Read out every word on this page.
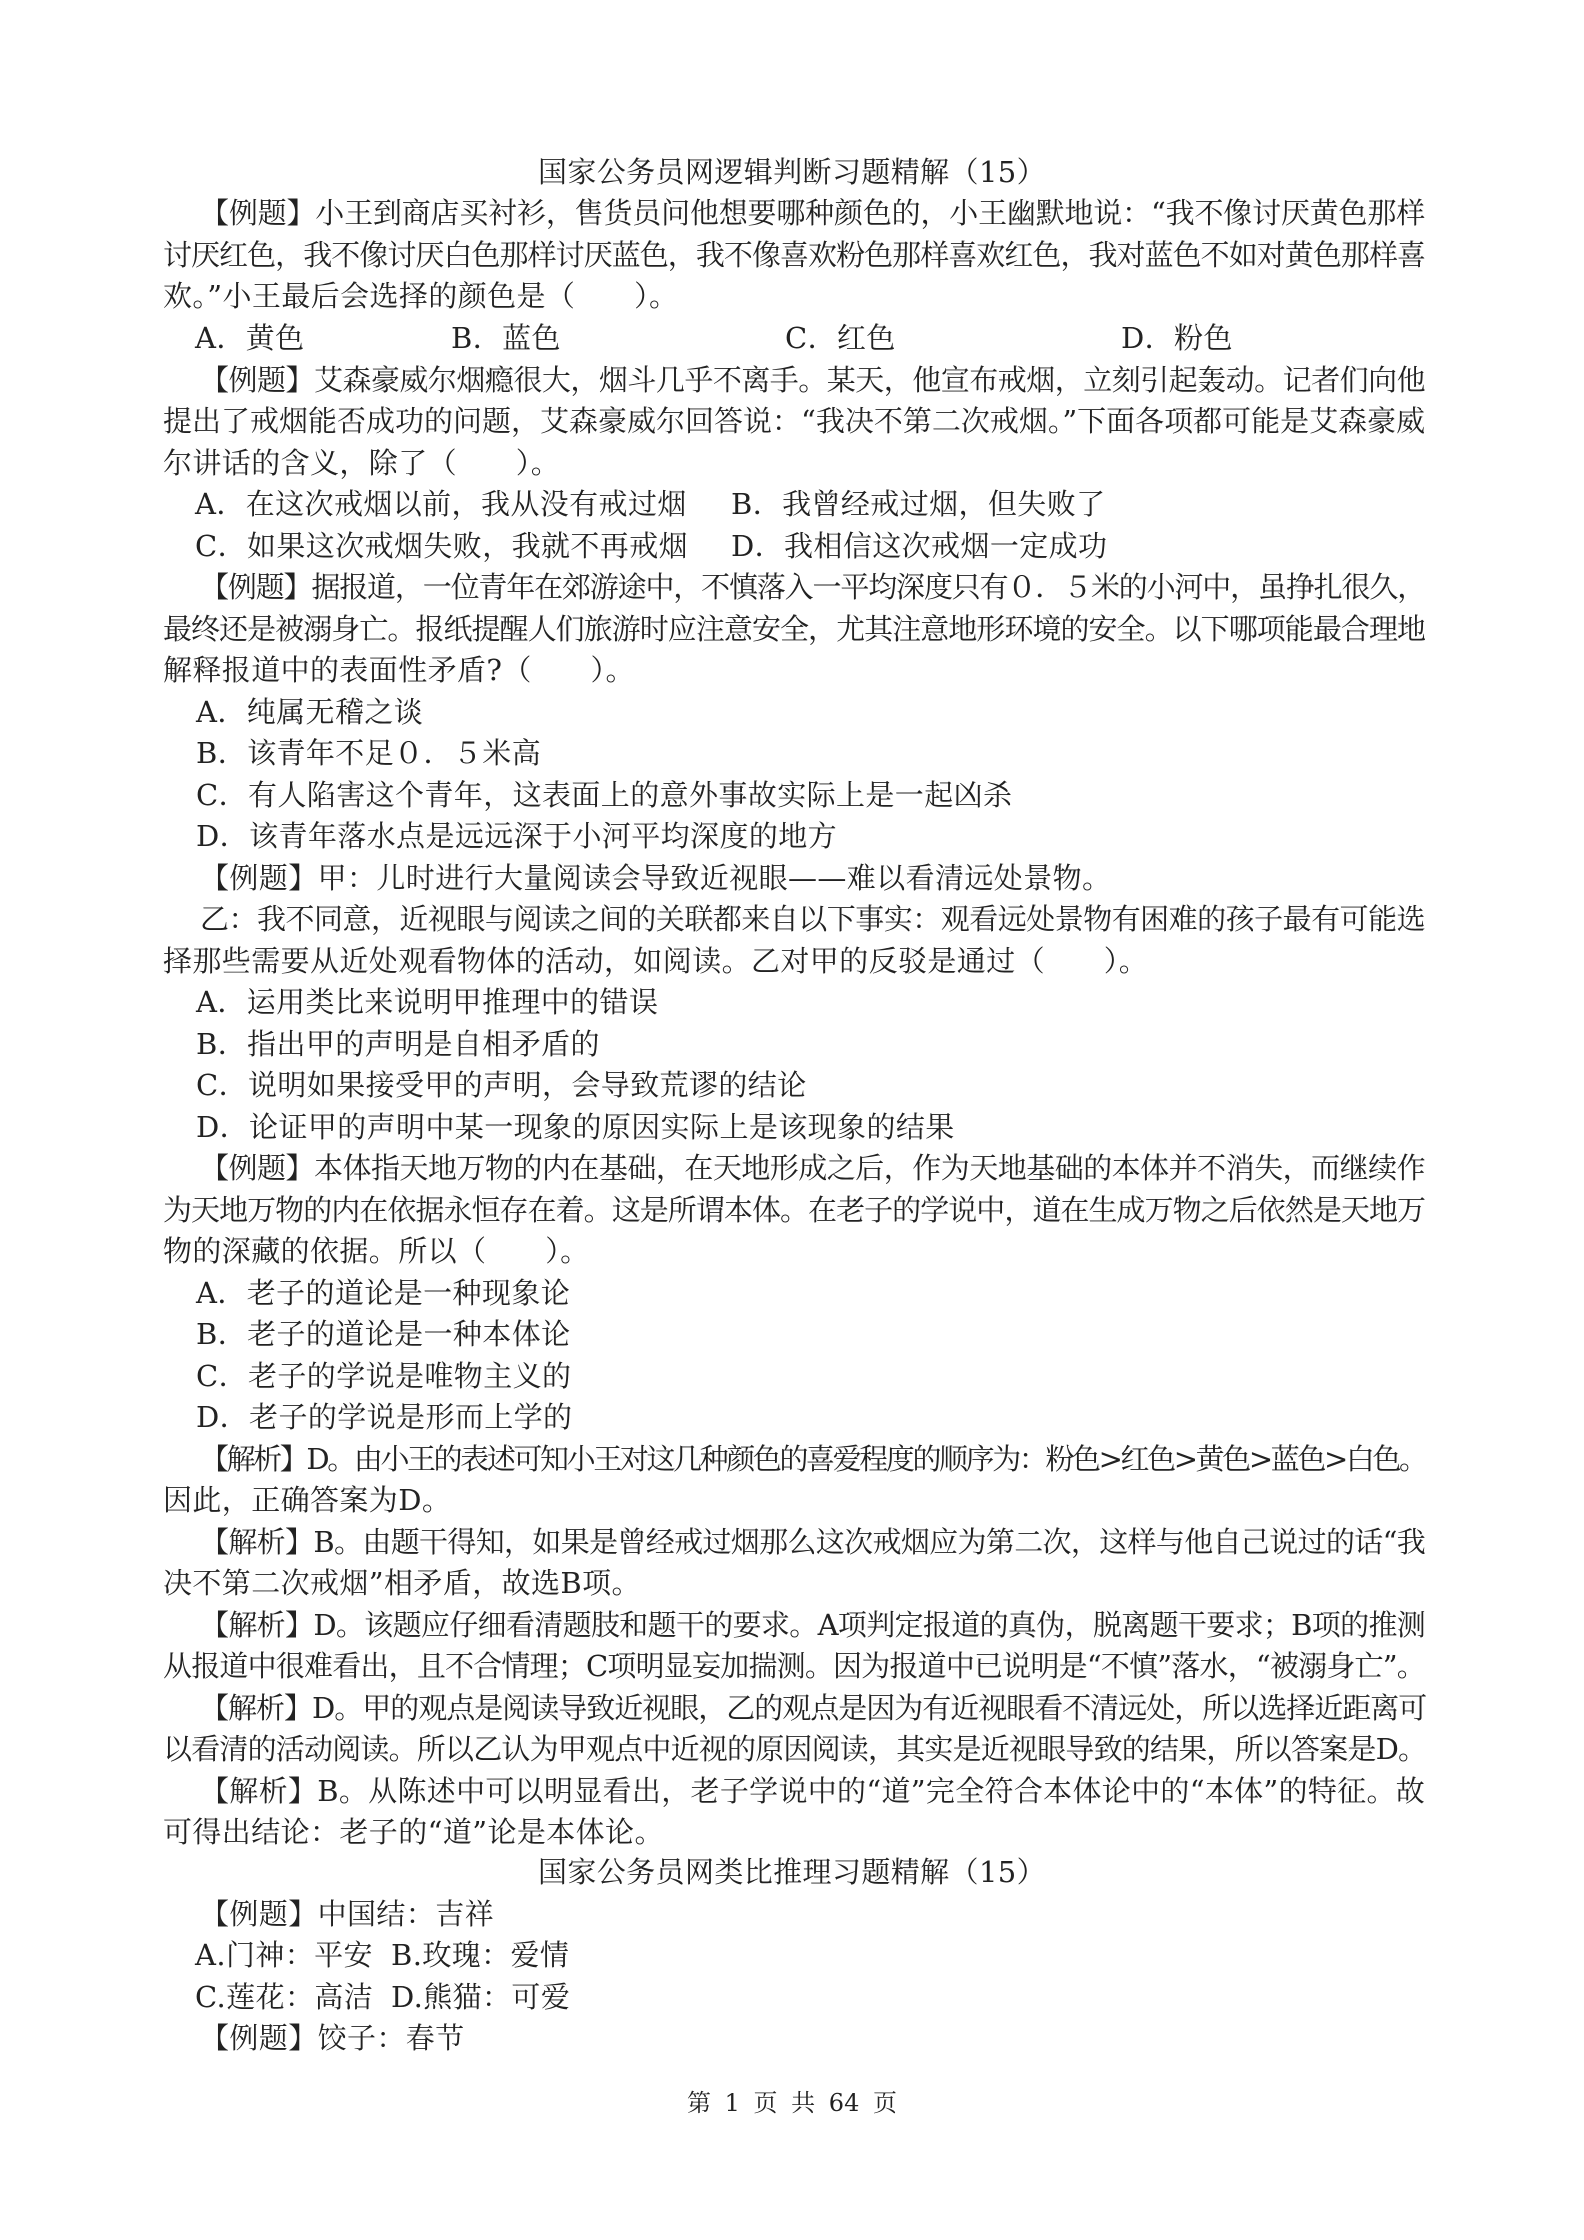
国家公务员网逻辑判断习题精解（15）
【例题】小王到商店买衬衫，售货员问他想要哪种颜色的，小王幽默地说：“我不像讨厌黄色那样
讨厌红色，我不像讨厌白色那样讨厌蓝色，我不像喜欢粉色那样喜欢红色，我对蓝色不如对黄色那样喜
欢。”小王最后会选择的颜色是（　　）。
A．黄色	B．蓝色	C．红色	D．粉色
【例题】艾森豪威尔烟瘾很大，烟斗几乎不离手。某天，他宣布戒烟，立刻引起轰动。记者们向他
提出了戒烟能否成功的问题，艾森豪威尔回答说：“我决不第二次戒烟。”下面各项都可能是艾森豪威
尔讲话的含义，除了（　　）。
A．在这次戒烟以前，我从没有戒过烟 B．我曾经戒过烟，但失败了
C．如果这次戒烟失败，我就不再戒烟 D．我相信这次戒烟一定成功
【例题】据报道，一位青年在郊游途中，不慎落入一平均深度只有０．５米的小河中，虽挣扎很久，
最终还是被溺身亡。报纸提醒人们旅游时应注意安全，尤其注意地形环境的安全。以下哪项能最合理地
解释报道中的表面性矛盾?（　　）。
A．纯属无稽之谈
B．该青年不足０．５米高
C．有人陷害这个青年，这表面上的意外事故实际上是一起凶杀
D．该青年落水点是远远深于小河平均深度的地方
【例题】甲：儿时进行大量阅读会导致近视眼——难以看清远处景物。
乙：我不同意，近视眼与阅读之间的关联都来自以下事实：观看远处景物有困难的孩子最有可能选
择那些需要从近处观看物体的活动，如阅读。乙对甲的反驳是通过（　　）。
A．运用类比来说明甲推理中的错误
B．指出甲的声明是自相矛盾的
C．说明如果接受甲的声明，会导致荒谬的结论
D．论证甲的声明中某一现象的原因实际上是该现象的结果
【例题】本体指天地万物的内在基础，在天地形成之后，作为天地基础的本体并不消失，而继续作
为天地万物的内在依据永恒存在着。这是所谓本体。在老子的学说中，道在生成万物之后依然是天地万
物的深藏的依据。所以（　　）。
A．老子的道论是一种现象论
B．老子的道论是一种本体论
C．老子的学说是唯物主义的
D．老子的学说是形而上学的
【解析】D。由小王的表述可知小王对这几种颜色的喜爱程度的顺序为：粉色>红色>黄色>蓝色>白色。
因此，正确答案为D。
【解析】B。由题干得知，如果是曾经戒过烟那么这次戒烟应为第二次，这样与他自己说过的话“我
决不第二次戒烟”相矛盾，故选B项。
【解析】D。该题应仔细看清题肢和题干的要求。A项判定报道的真伪，脱离题干要求；B项的推测
从报道中很难看出，且不合情理；C项明显妄加揣测。因为报道中已说明是“不慎”落水，“被溺身亡”。
【解析】D。甲的观点是阅读导致近视眼，乙的观点是因为有近视眼看不清远处，所以选择近距离可
以看清的活动阅读。所以乙认为甲观点中近视的原因阅读，其实是近视眼导致的结果，所以答案是D。
【解析】B。从陈述中可以明显看出，老子学说中的“道”完全符合本体论中的“本体”的特征。故
可得出结论：老子的“道”论是本体论。
国家公务员网类比推理习题精解（15）
【例题】中国结：吉祥
A.门神：平安 B.玫瑰：爱情
C.莲花：高洁 D.熊猫：可爱
【例题】饺子：春节
第 1 页 共 64 页
